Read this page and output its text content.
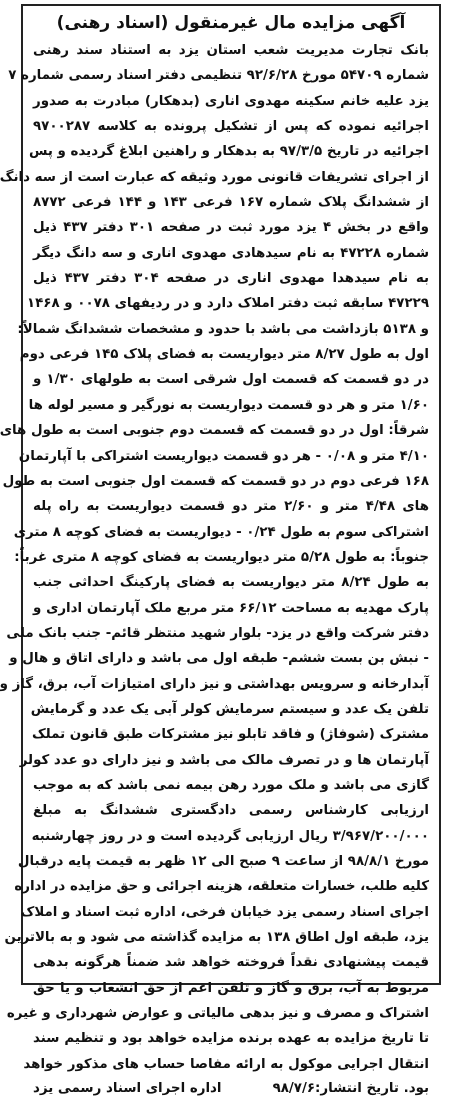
آگهی مزایده مال غیرمنقول (اسناد رهنی)
بانک تجارت مدیریت شعب استان یزد به استناد سند رهنی
شماره ۵۴۷۰۹ مورخ ۹۲/۶/۲۸ تنظیمی دفتر اسناد رسمی شماره ۷
یزد علیه خانم سکینه مهدوی اناری (بدهکار) مبادرت به صدور
اجرائیه نموده که پس از تشکیل پرونده به کلاسه ۹۷۰۰۲۸۷
اجرائیه در تاریخ ۹۷/۳/۵ به بدهکار و راهنین ابلاغ گردیده و پس
از اجرای تشریفات قانونی مورد وثیقه که عبارت است از سه دانگ
از ششدانگ پلاک شماره ۱۶۷ فرعی ۱۴۳ و ۱۴۴ فرعی ۸۷۷۲
واقع در بخش ۴ یزد مورد ثبت در صفحه ۳۰۱ دفتر ۴۳۷ ذیل
شماره ۴۷۲۲۸ به نام سیدهادی مهدوی اناری و سه دانگ دیگر
به نام سیدهدا مهدوی اناری در صفحه ۳۰۴ دفتر ۴۳۷ ذیل
۴۷۲۲۹ سابقه ثبت دفتر املاک دارد و در ردیفهای ۰۰۷۸ و ۱۴۶۸
و ۵۱۳۸ بازداشت می باشد با حدود و مشخصات ششدانگ شمالاً:
اول به طول ۸/۲۷ متر دیواریست به فضای پلاک ۱۴۵ فرعی دوم
در دو قسمت که قسمت اول شرقی است به طولهای ۱/۳۰ و
۱/۶۰ متر و هر دو قسمت دیواریست به نورگیر و مسیر لوله ها
شرقاً: اول در دو قسمت که قسمت دوم جنوبی است به طول های
۴/۱۰ متر و ۰/۰۸ - هر دو قسمت دیواریست اشتراکی با آپارتمان
۱۶۸ فرعی دوم در دو قسمت که قسمت اول جنوبی است به طول
های ۴/۴۸ متر و ۲/۶۰ متر دو قسمت دیواریست به راه پله
اشتراکی سوم به طول ۰/۲۴ - دیواریست به فضای کوچه ۸ متری
جنوباً: به طول ۵/۲۸ متر دیواریست به فضای کوچه ۸ متری غرباً:
به طول ۸/۲۴ متر دیواریست به فضای پارکینگ احداثی جنب
پارک مهدیه به مساحت ۶۶/۱۲ متر مربع ملک آپارتمان اداری و
دفتر شرکت واقع در یزد- بلوار شهید منتظر قائم- جنب بانک ملی
- نبش بن بست ششم- طبقه اول می باشد و دارای اتاق و هال و
آبدارخانه و سرویس بهداشتی و نیز دارای امتیازات آب، برق، گاز و
تلفن یک عدد و سیستم سرمایش کولر آبی یک عدد و گرمایش
مشترک (شوفاژ) و فاقد تابلو نیز مشترکات طبق قانون تملک
آپارتمان ها و در تصرف مالک می باشد و نیز دارای دو عدد کولر
گازی می باشد و ملک مورد رهن بیمه نمی باشد که به موجب
ارزیابی کارشناس رسمی دادگستری ششدانگ به مبلغ
۳/۹۶۷/۲۰۰/۰۰۰ ریال ارزیابی گردیده است و در روز چهارشنبه
مورخ ۹۸/۸/۱ از ساعت ۹ صبح الی ۱۲ ظهر به قیمت پایه درقبال
کلیه طلب، خسارات متعلقه، هزینه اجرائی و حق مزایده در اداره
اجرای اسناد رسمی یزد خیابان فرخی، اداره ثبت اسناد و املاک
یزد، طبقه اول اطاق ۱۳۸ به مزایده گذاشته می شود و به بالاترین
قیمت پیشنهادی نقداً فروخته خواهد شد ضمناً هرگونه بدهی
مربوط به آب، برق و گاز و تلفن اعم از حق انشعاب و یا حق
اشتراک و مصرف و نیز بدهی مالیاتی و عوارض شهرداری و غیره
تا تاریخ مزایده به عهده برنده مزایده خواهد بود و تنظیم سند
انتقال اجرایی موکول به ارائه مفاصا حساب های مذکور خواهد
بود. تاریخ انتشار:۹۸/۷/۶
اداره اجرای اسناد رسمی یزد
